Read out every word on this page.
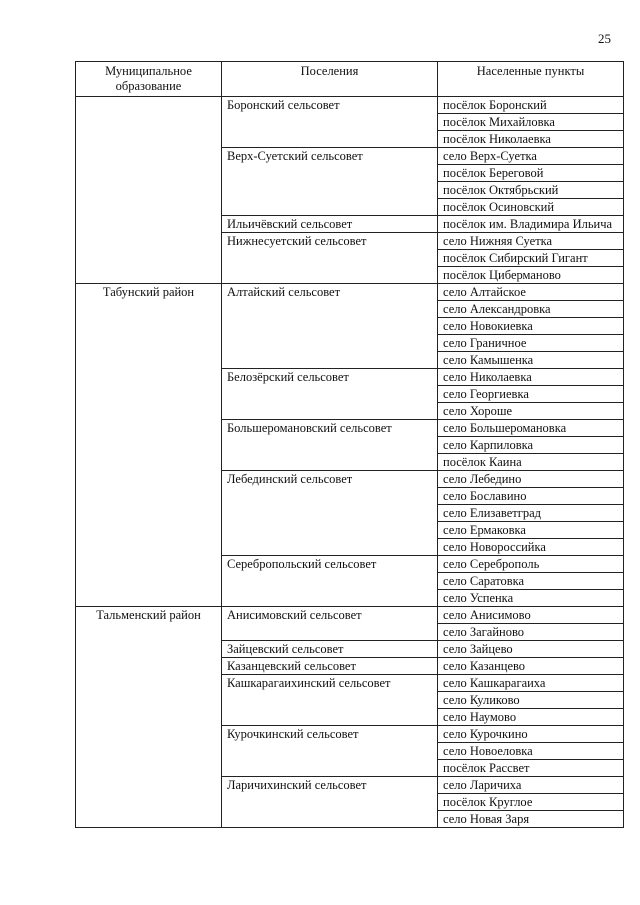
25
Муниципальное образование	Поселения	Населенные пункты
	Боронский сельсовет	посёлок Боронский
		посёлок Михайловка
		посёлок Николаевка
	Верх-Суетский сельсовет	село Верх-Суетка
		посёлок Береговой
		посёлок Октябрьский
		посёлок Осиновский
	Ильичёвский сельсовет	посёлок им. Владимира Ильича
	Нижнесуетский сельсовет	село Нижняя Суетка
		посёлок Сибирский Гигант
		посёлок Циберманово
Табунский район	Алтайский сельсовет	село Алтайское
		село Александровка
		село Новокиевка
		село Граничное
		село Камышенка
	Белозёрский сельсовет	село Николаевка
		село Георгиевка
		село Хороше
	Большеромановский сельсовет	село Большеромановка
		село Карпиловка
		посёлок Каина
	Лебединский сельсовет	село Лебедино
		село Бославино
		село Елизаветград
		село Ермаковка
		село Новороссийка
	Серебропольский сельсовет	село Сереброполь
		село Саратовка
		село Успенка
Тальменский район	Анисимовский сельсовет	село Анисимово
		село Загайново
	Зайцевский сельсовет	село Зайцево
	Казанцевский сельсовет	село Казанцево
	Кашкарагаихинский сельсовет	село Кашкарагаиха
		село Куликово
		село Наумово
	Курочкинский сельсовет	село Курочкино
		село Новоеловка
		посёлок Рассвет
	Ларичихинский сельсовет	село Ларичиха
		посёлок Круглое
		село Новая Заря
